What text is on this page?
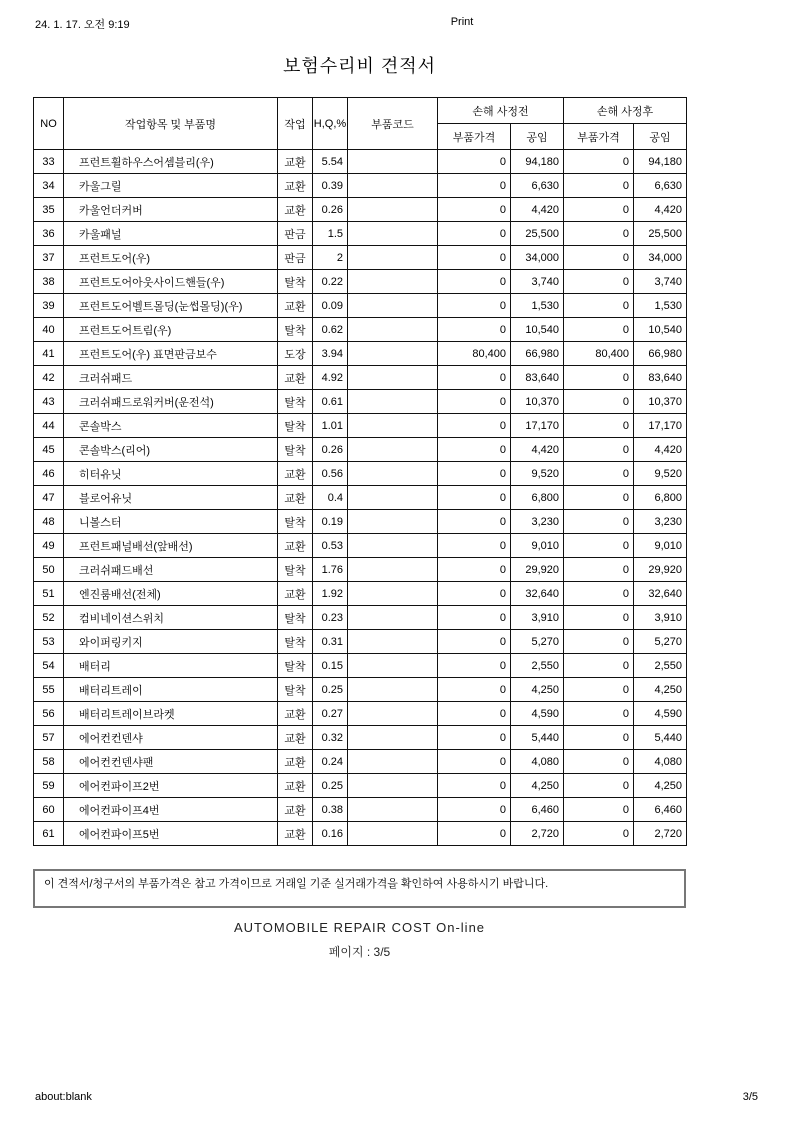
24. 1. 17. 오전 9:19	Print
보험수리비 견적서
NO	작업항목 및 부품명	작업	H,Q,%	부품코드	손해 사정전		손해 사정후	
					부품가격	공임	부품가격	공임
33	프런트휠하우스어셈블리(우)	교환	5.54		0	94,180	0	94,180
34	카울그릴	교환	0.39		0	6,630	0	6,630
35	카울언더커버	교환	0.26		0	4,420	0	4,420
36	카울패널	판금	1.5		0	25,500	0	25,500
37	프런트도어(우)	판금	2		0	34,000	0	34,000
38	프런트도어아웃사이드핸들(우)	탈착	0.22		0	3,740	0	3,740
39	프런트도어벨트몰딩(눈썹몰딩)(우)	교환	0.09		0	1,530	0	1,530
40	프런트도어트림(우)	탈착	0.62		0	10,540	0	10,540
41	프런트도어(우) 표면판금보수	도장	3.94		80,400	66,980	80,400	66,980
42	크러쉬패드	교환	4.92		0	83,640	0	83,640
43	크러쉬패드로워커버(운전석)	탈착	0.61		0	10,370	0	10,370
44	콘솔박스	탈착	1.01		0	17,170	0	17,170
45	콘솔박스(리어)	탈착	0.26		0	4,420	0	4,420
46	히터유닛	교환	0.56		0	9,520	0	9,520
47	블로어유닛	교환	0.4		0	6,800	0	6,800
48	니볼스터	탈착	0.19		0	3,230	0	3,230
49	프런트패널배선(앞배선)	교환	0.53		0	9,010	0	9,010
50	크러쉬패드배선	탈착	1.76		0	29,920	0	29,920
51	엔진룸배선(전체)	교환	1.92		0	32,640	0	32,640
52	컴비네이션스위치	탈착	0.23		0	3,910	0	3,910
53	와이퍼링키지	탈착	0.31		0	5,270	0	5,270
54	배터리	탈착	0.15		0	2,550	0	2,550
55	배터리트레이	탈착	0.25		0	4,250	0	4,250
56	배터리트레이브라켓	교환	0.27		0	4,590	0	4,590
57	에어컨컨덴샤	교환	0.32		0	5,440	0	5,440
58	에어컨컨덴샤팬	교환	0.24		0	4,080	0	4,080
59	에어컨파이프2번	교환	0.25		0	4,250	0	4,250
60	에어컨파이프4번	교환	0.38		0	6,460	0	6,460
61	에어컨파이프5번	교환	0.16		0	2,720	0	2,720
이 견적서/청구서의 부품가격은 참고 가격이므로 거래일 기준 실거래가격을 확인하여 사용하시기 바랍니다.
AUTOMOBILE REPAIR COST On-line
페이지 : 3/5
about:blank	3/5
